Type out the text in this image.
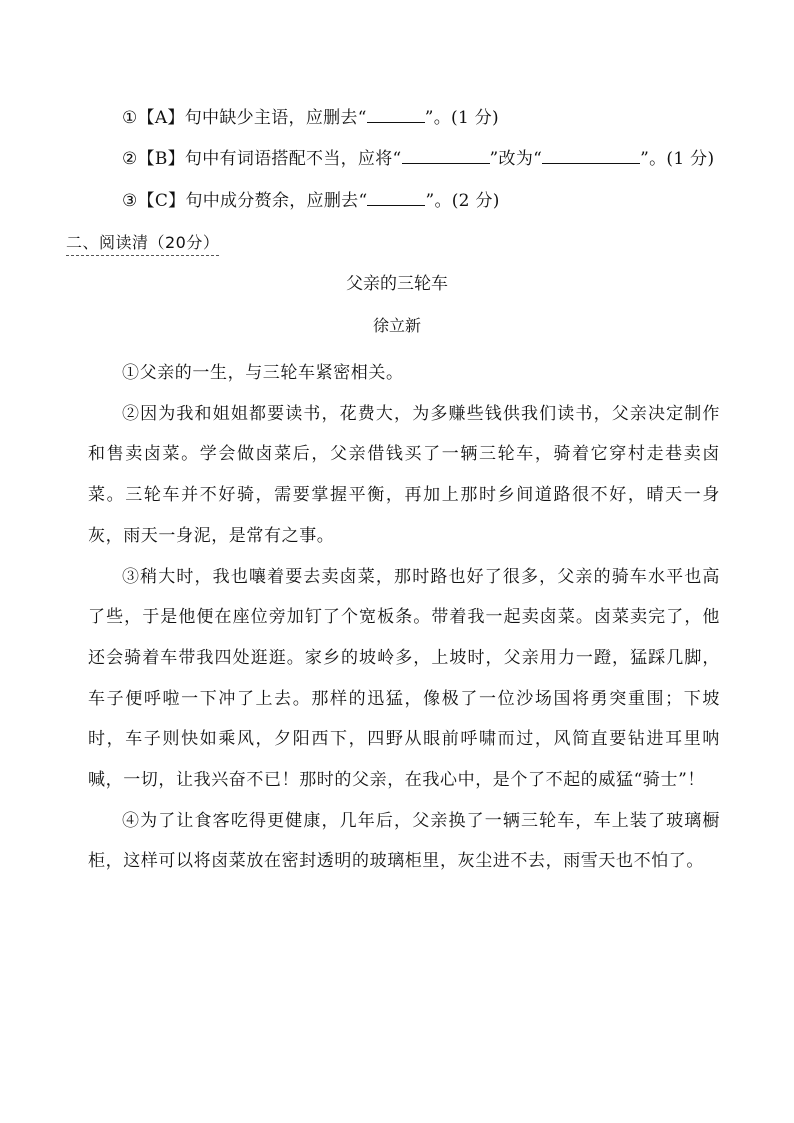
①【A】句中缺少主语，应删去“	”。(1 分)
②【B】句中有词语搭配不当，应将“	”改为“	”。(1 分)
③【C】句中成分赘余，应删去“	”。(2 分)
二、阅读清（20分）
父亲的三轮车
徐立新

①父亲的一生，与三轮车紧密相关。

②因为我和姐姐都要读书，花费大，为多赚些钱供我们读书，父亲决定制作和售卖卤菜。学会做卤菜后，父亲借钱买了一辆三轮车，骑着它穿村走巷卖卤菜。三轮车并不好骑，需要掌握平衡，再加上那时乡间道路很不好，晴天一身灰，雨天一身泥，是常有之事。

③稍大时，我也嚷着要去卖卤菜，那时路也好了很多，父亲的骑车水平也高了些，于是他便在座位旁加钉了个宽板条。带着我一起卖卤菜。卤菜卖完了，他还会骑着车带我四处逛逛。家乡的坡岭多，上坡时，父亲用力一蹬，猛踩几脚，车子便呼啦一下冲了上去。那样的迅猛，像极了一位沙场国将勇突重围；下坡时，车子则快如乘风，夕阳西下，四野从眼前呼啸而过，风简直要钻进耳里呐喊，一切，让我兴奋不已！那时的父亲，在我心中，是个了不起的威猛“骑士”！

④为了让食客吃得更健康，几年后，父亲换了一辆三轮车，车上装了玻璃橱柜，这样可以将卤菜放在密封透明的玻璃柜里，灰尘进不去，雨雪天也不怕了。
